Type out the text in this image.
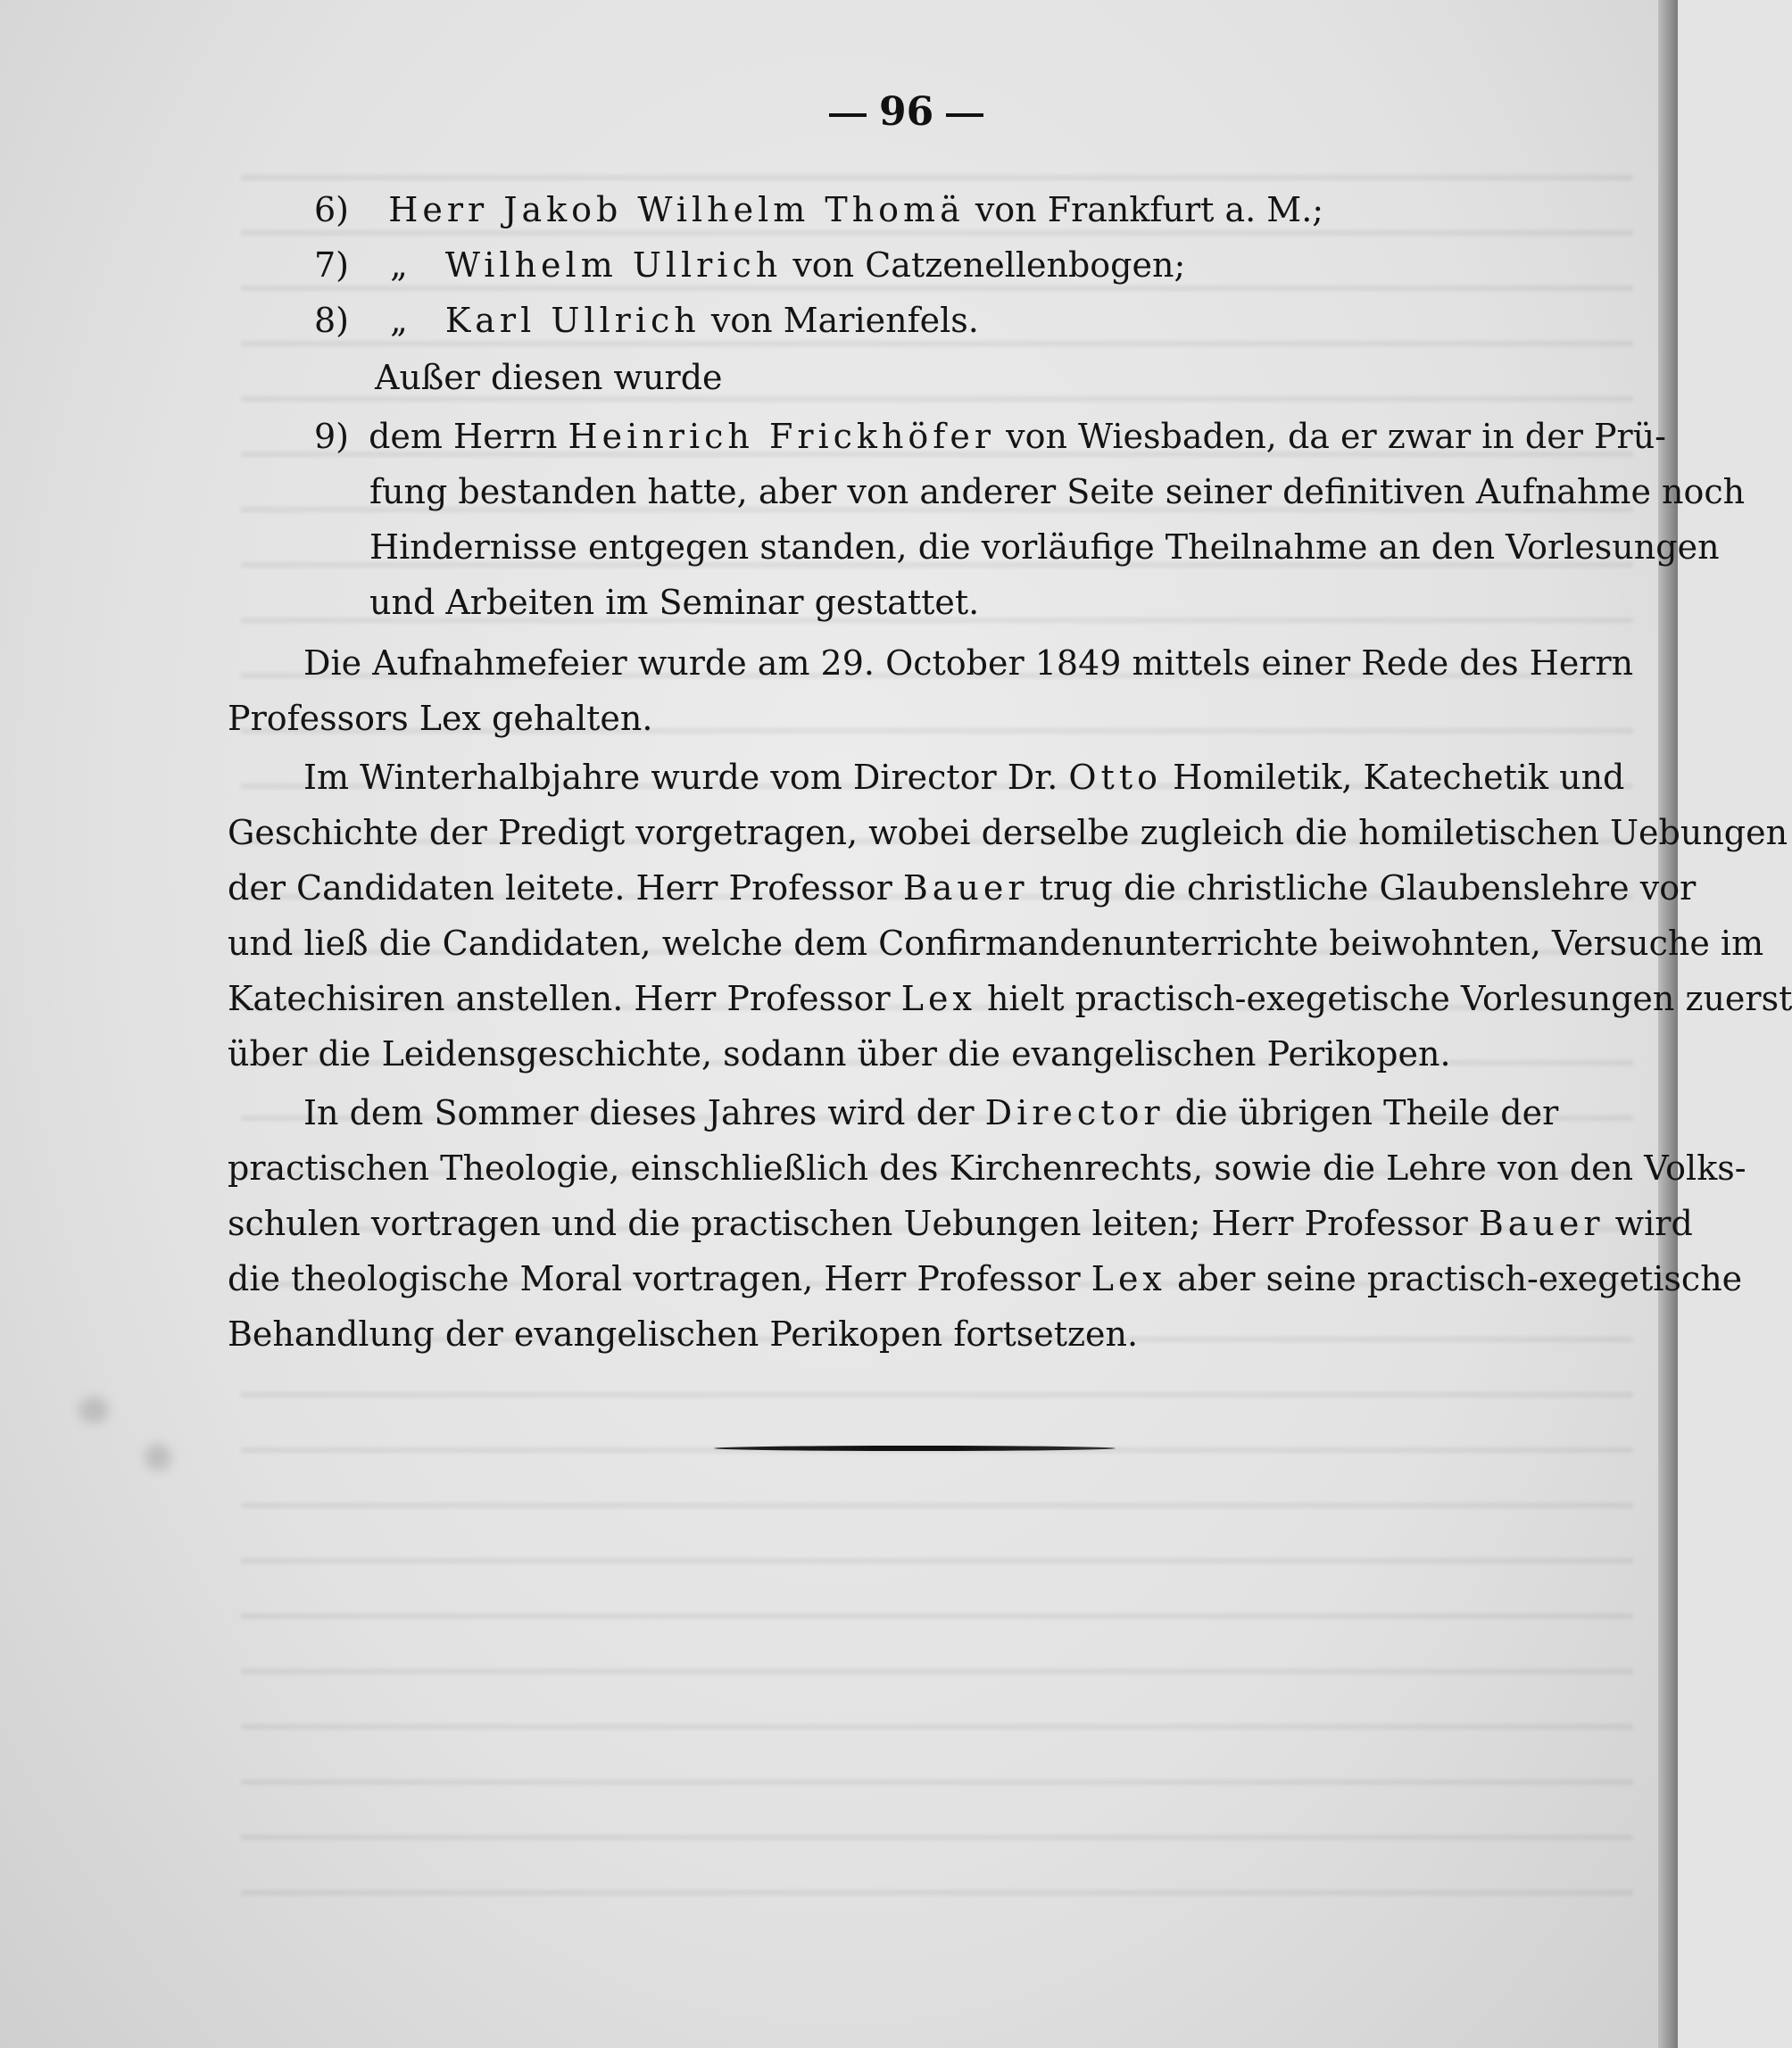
96
6) Herr Jakob Wilhelm Thomä von Frankfurt a. M.;
7) „ Wilhelm Ullrich von Catzenellenbogen;
8) „ Karl Ullrich von Marienfels.
Außer diesen wurde
9) dem Herrn Heinrich Frickhöfer von Wiesbaden, da er zwar in der Prü-
fung bestanden hatte, aber von anderer Seite seiner definitiven Aufnahme noch
Hindernisse entgegen standen, die vorläufige Theilnahme an den Vorlesungen
und Arbeiten im Seminar gestattet.
Die Aufnahmefeier wurde am 29. October 1849 mittels einer Rede des Herrn
Professors Lex gehalten.
Im Winterhalbjahre wurde vom Director Dr. Otto Homiletik, Katechetik und
Geschichte der Predigt vorgetragen, wobei derselbe zugleich die homiletischen Uebungen
der Candidaten leitete. Herr Professor Bauer trug die christliche Glaubenslehre vor
und ließ die Candidaten, welche dem Confirmandenunterrichte beiwohnten, Versuche im
Katechisiren anstellen. Herr Professor Lex hielt practisch-exegetische Vorlesungen zuerst
über die Leidensgeschichte, sodann über die evangelischen Perikopen.
In dem Sommer dieses Jahres wird der Director die übrigen Theile der
practischen Theologie, einschließlich des Kirchenrechts, sowie die Lehre von den Volks-
schulen vortragen und die practischen Uebungen leiten; Herr Professor Bauer wird
die theologische Moral vortragen, Herr Professor Lex aber seine practisch-exegetische
Behandlung der evangelischen Perikopen fortsetzen.
